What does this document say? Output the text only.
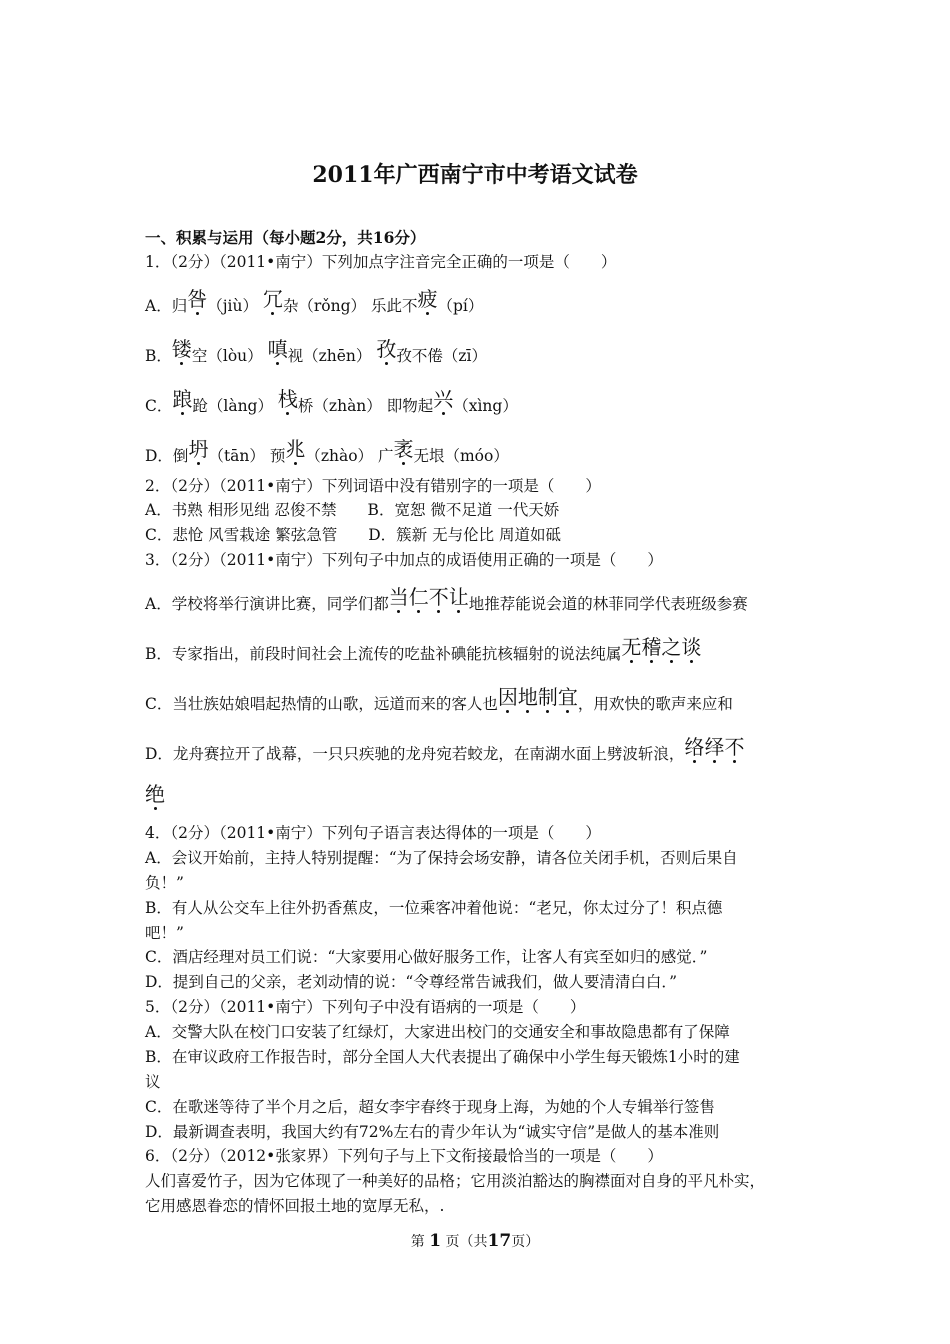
2011年广西南宁市中考语文试卷
一、积累与运用（每小题2分，共16分）
1．（2分）（2011•南宁）下列加点字注音完全正确的一项是（　　）
A．归咎（jiù） 冗杂（rǒng） 乐此不疲（pí）
B．镂空（lòu） 嗔视（zhēn） 孜孜不倦（zī）
C．踉跄（làng） 栈桥（zhàn） 即物起兴（xìng）
D．倒坍（tān） 预兆（zhào） 广袤无垠（móo）
2．（2分）（2011•南宁）下列词语中没有错别字的一项是（　　）
A．书熟 相形见绌 忍俊不禁　　B．宽恕 微不足道 一代天娇
C．悲怆 风雪栽途 繁弦急管　　D．簇新 无与伦比 周道如砥
3．（2分）（2011•南宁）下列句子中加点的成语使用正确的一项是（　　）
A．学校将举行演讲比赛，同学们都当仁不让地推荐能说会道的林菲同学代表班级参赛
B．专家指出，前段时间社会上流传的吃盐补碘能抗核辐射的说法纯属无稽之谈
C．当壮族姑娘唱起热情的山歌，远道而来的客人也因地制宜，用欢快的歌声来应和
D．龙舟赛拉开了战幕，一只只疾驰的龙舟宛若蛟龙，在南湖水面上劈波斩浪，络绎不
绝
4．（2分）（2011•南宁）下列句子语言表达得体的一项是（　　）
A．会议开始前，主持人特别提醒：“为了保持会场安静，请各位关闭手机，否则后果自
负！”
B．有人从公交车上往外扔香蕉皮，一位乘客冲着他说：“老兄，你太过分了！积点德
吧！”
C．酒店经理对员工们说：“大家要用心做好服务工作，让客人有宾至如归的感觉．”
D．提到自己的父亲，老刘动情的说：“令尊经常告诫我们，做人要清清白白．”
5．（2分）（2011•南宁）下列句子中没有语病的一项是（　　）
A．交警大队在校门口安装了红绿灯，大家进出校门的交通安全和事故隐患都有了保障
B．在审议政府工作报告时，部分全国人大代表提出了确保中小学生每天锻炼1小时的建
议
C．在歌迷等待了半个月之后，超女李宇春终于现身上海，为她的个人专辑举行签售
D．最新调查表明，我国大约有72%左右的青少年认为“诚实守信”是做人的基本准则
6．（2分）（2012•张家界）下列句子与上下文衔接最恰当的一项是（　　）
人们喜爱竹子，因为它体现了一种美好的品格；它用淡泊豁达的胸襟面对自身的平凡朴实，
它用感恩眷恋的情怀回报土地的宽厚无私，.
第 1 页（共17页）
